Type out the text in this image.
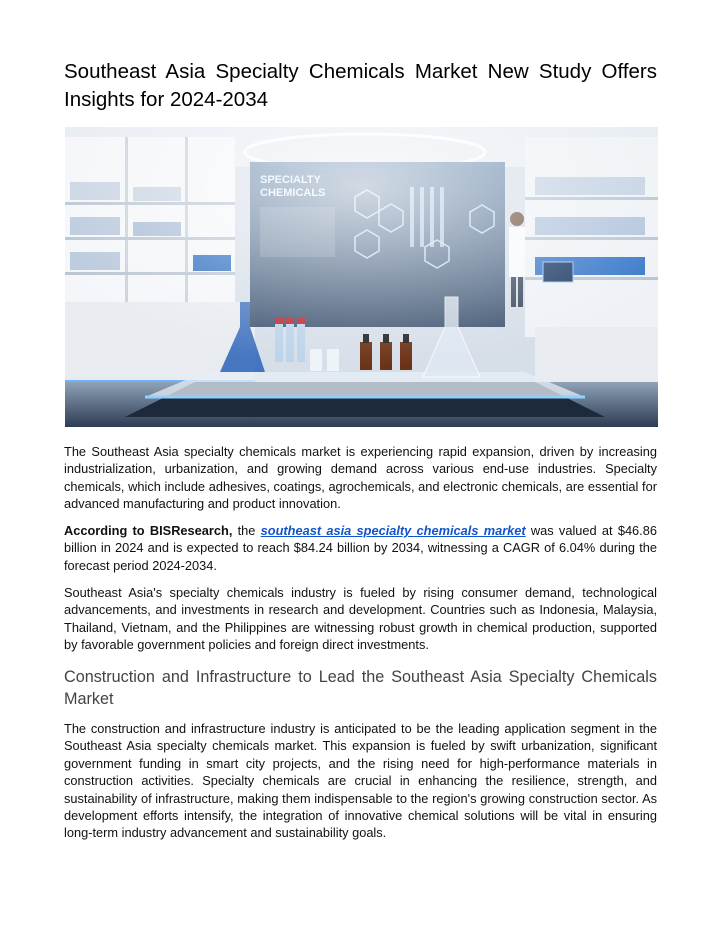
Southeast Asia Specialty Chemicals Market New Study Offers Insights for 2024-2034

The Southeast Asia specialty chemicals market is experiencing rapid expansion, driven by increasing industrialization, urbanization, and growing demand across various end-use industries. Specialty chemicals, which include adhesives, coatings, agrochemicals, and electronic chemicals, are essential for advanced manufacturing and product innovation.

According to BISResearch, the southeast asia specialty chemicals market was valued at $46.86 billion in 2024 and is expected to reach $84.24 billion by 2034, witnessing a CAGR of 6.04% during the forecast period 2024-2034.

Southeast Asia's specialty chemicals industry is fueled by rising consumer demand, technological advancements, and investments in research and development. Countries such as Indonesia, Malaysia, Thailand, Vietnam, and the Philippines are witnessing robust growth in chemical production, supported by favorable government policies and foreign direct investments.

Construction and Infrastructure to Lead the Southeast Asia Specialty Chemicals Market

The construction and infrastructure industry is anticipated to be the leading application segment in the Southeast Asia specialty chemicals market. This expansion is fueled by swift urbanization, significant government funding in smart city projects, and the rising need for high-performance materials in construction activities. Specialty chemicals are crucial in enhancing the resilience, strength, and sustainability of infrastructure, making them indispensable to the region's growing construction sector. As development efforts intensify, the integration of innovative chemical solutions will be vital in ensuring long-term industry advancement and sustainability goals.
